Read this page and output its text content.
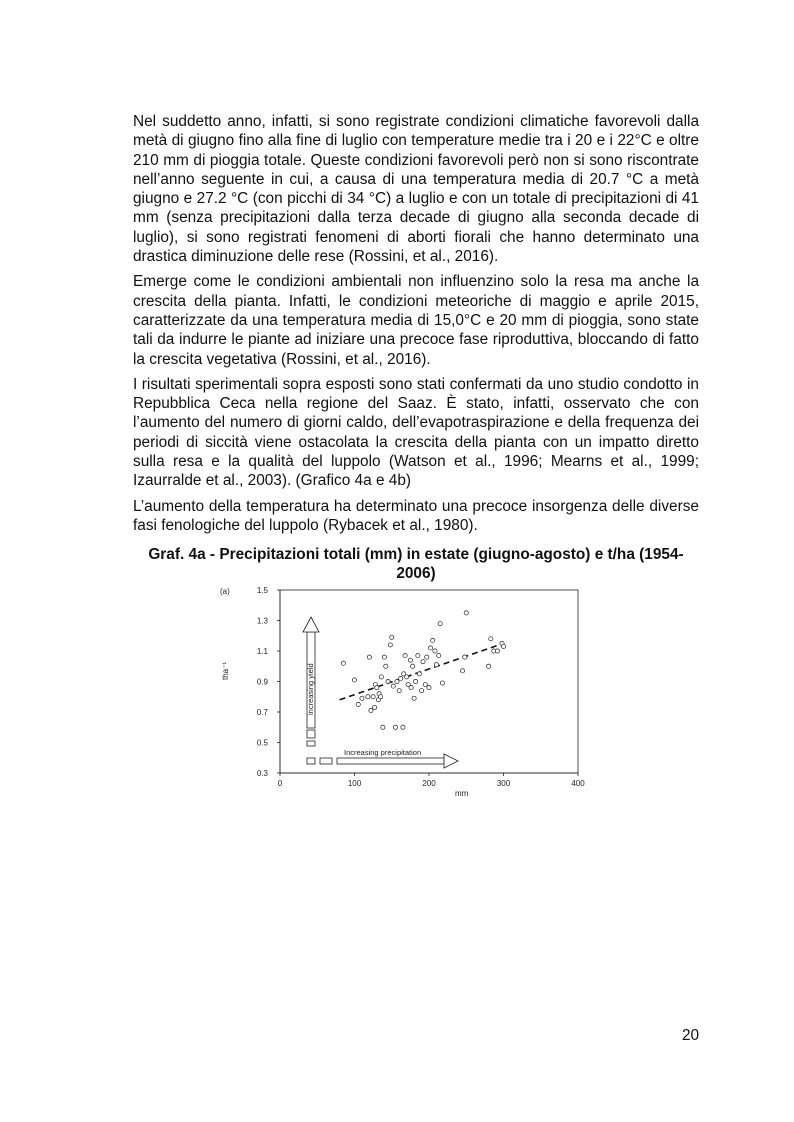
Nel suddetto anno, infatti, si sono registrate condizioni climatiche favorevoli dalla metà di giugno fino alla fine di luglio con temperature medie tra i 20 e i 22°C e oltre 210 mm di pioggia totale. Queste condizioni favorevoli però non si sono riscontrate nell’anno seguente in cui, a causa di una temperatura media di 20.7 °C a metà giugno e 27.2 °C (con picchi di 34 °C) a luglio e con un totale di precipitazioni di 41 mm (senza precipitazioni dalla terza decade di giugno alla seconda decade di luglio), si sono registrati fenomeni di aborti fiorali che hanno determinato una drastica diminuzione delle rese (Rossini, et al., 2016).

Emerge come le condizioni ambientali non influenzino solo la resa ma anche la crescita della pianta. Infatti, le condizioni meteoriche di maggio e aprile 2015, caratterizzate da una temperatura media di 15,0°C e 20 mm di pioggia, sono state tali da indurre le piante ad iniziare una precoce fase riproduttiva, bloccando di fatto la crescita vegetativa (Rossini, et al., 2016).

I risultati sperimentali sopra esposti sono stati confermati da uno studio condotto in Repubblica Ceca nella regione del Saaz. È stato, infatti, osservato che con l’aumento del numero di giorni caldo, dell’evapotraspirazione e della frequenza dei periodi di siccità viene ostacolata la crescita della pianta con un impatto diretto sulla resa e la qualità del luppolo (Watson et al., 1996; Mearns et al., 1999; Izaurralde et al., 2003). (Grafico 4a e 4b)

L’aumento della temperatura ha determinato una precoce insorgenza delle diverse fasi fenologiche del luppolo (Rybacek et al., 1980).

Graf. 4a - Precipitazioni totali (mm) in estate (giugno-agosto) e t/ha (1954-2006)

(a)
mm
tha⁻¹	increasing yield
Increasing precipitation
0	100	200	300	400
0.3
0.5
0.7
0.9
1.1
1.3
1.5
20
